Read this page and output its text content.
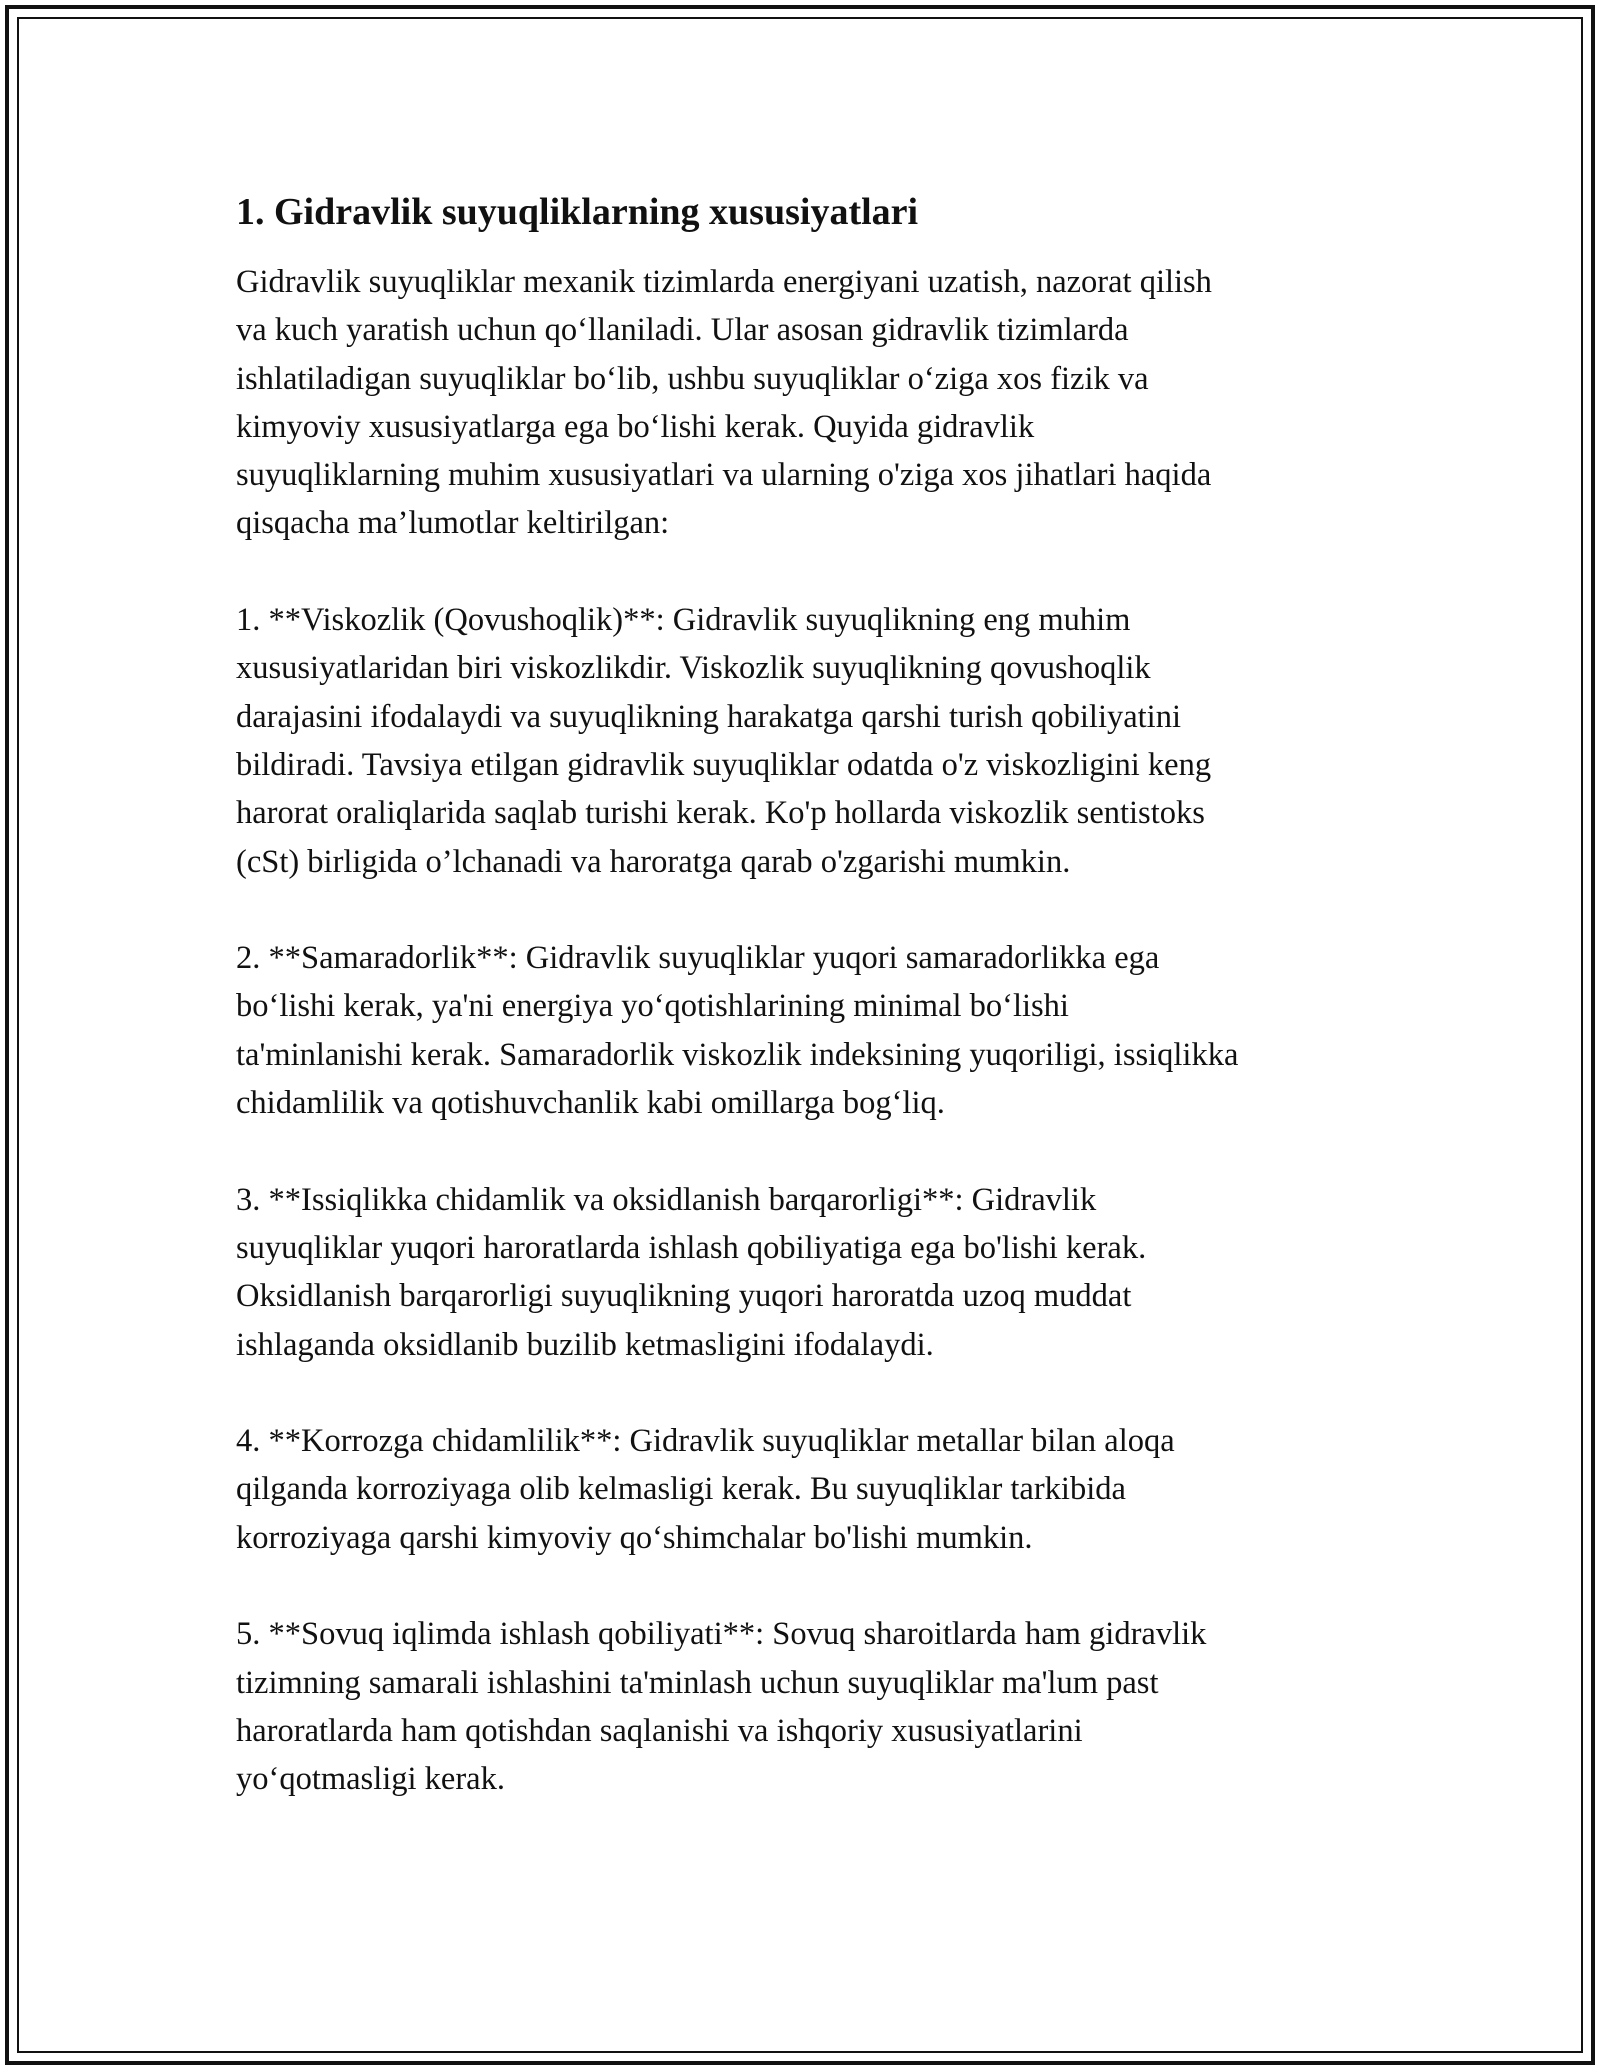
1. Gidravlik suyuqliklarning xususiyatlari
Gidravlik suyuqliklar mexanik tizimlarda energiyani uzatish, nazorat qilish
va kuch yaratish uchun qo‘llaniladi. Ular asosan gidravlik tizimlarda
ishlatiladigan suyuqliklar bo‘lib, ushbu suyuqliklar o‘ziga xos fizik va
kimyoviy xususiyatlarga ega bo‘lishi kerak. Quyida gidravlik
suyuqliklarning muhim xususiyatlari va ularning o'ziga xos jihatlari haqida
qisqacha ma’lumotlar keltirilgan:
1. **Viskozlik (Qovushoqlik)**: Gidravlik suyuqlikning eng muhim
xususiyatlaridan biri viskozlikdir. Viskozlik suyuqlikning qovushoqlik
darajasini ifodalaydi va suyuqlikning harakatga qarshi turish qobiliyatini
bildiradi. Tavsiya etilgan gidravlik suyuqliklar odatda o'z viskozligini keng
harorat oraliqlarida saqlab turishi kerak. Ko'p hollarda viskozlik sentistoks
(cSt) birligida o’lchanadi va haroratga qarab o'zgarishi mumkin.
2. **Samaradorlik**: Gidravlik suyuqliklar yuqori samaradorlikka ega
bo‘lishi kerak, ya'ni energiya yo‘qotishlarining minimal bo‘lishi
ta'minlanishi kerak. Samaradorlik viskozlik indeksining yuqoriligi, issiqlikka
chidamlilik va qotishuvchanlik kabi omillarga bog‘liq.
3. **Issiqlikka chidamlik va oksidlanish barqarorligi**: Gidravlik
suyuqliklar yuqori haroratlarda ishlash qobiliyatiga ega bo'lishi kerak.
Oksidlanish barqarorligi suyuqlikning yuqori haroratda uzoq muddat
ishlaganda oksidlanib buzilib ketmasligini ifodalaydi.
4. **Korrozga chidamlilik**: Gidravlik suyuqliklar metallar bilan aloqa
qilganda korroziyaga olib kelmasligi kerak. Bu suyuqliklar tarkibida
korroziyaga qarshi kimyoviy qo‘shimchalar bo'lishi mumkin.
5. **Sovuq iqlimda ishlash qobiliyati**: Sovuq sharoitlarda ham gidravlik
tizimning samarali ishlashini ta'minlash uchun suyuqliklar ma'lum past
haroratlarda ham qotishdan saqlanishi va ishqoriy xususiyatlarini
yo‘qotmasligi kerak.
